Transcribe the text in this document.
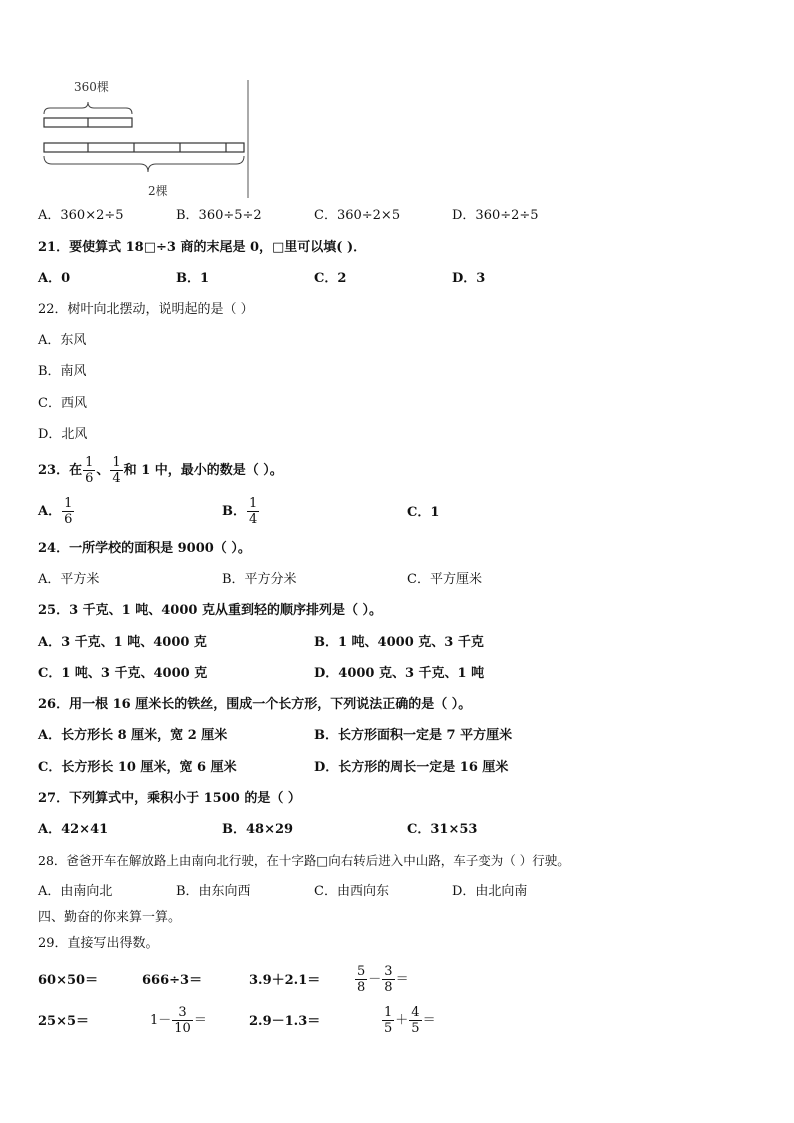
360棵
2棵
A．360×2÷5	B．360÷5÷2	C．360÷2×5	D．360÷2÷5
21．要使算式 18□÷3 商的末尾是 0，□里可以填( )．
A．0	B．1	C．2	D．3
22．树叶向北摆动，说明起的是（ ）
A．东风
B．南风
C．西风
D．北风
23．在 $\frac{1}{6}$ 、 $\frac{1}{4}$ 和 1 中，最小的数是（ ）。
A． $\frac{1}{6}$	B． $\frac{1}{4}$	C．1
24．一所学校的面积是 9000（ ）。
A．平方米	B．平方分米	C．平方厘米
25．3 千克、1 吨、4000 克从重到轻的顺序排列是（ ）。
A．3 千克、1 吨、4000 克	B．1 吨、4000 克、3 千克
C．1 吨、3 千克、4000 克	D．4000 克、3 千克、1 吨
26．用一根 16 厘米长的铁丝，围成一个长方形，下列说法正确的是（ ）。
A．长方形长 8 厘米，宽 2 厘米	B．长方形面积一定是 7 平方厘米
C．长方形长 10 厘米，宽 6 厘米	D．长方形的周长一定是 16 厘米
27．下列算式中，乘积小于 1500 的是（ ）
A．42×41	B．48×29	C．31×53
28．爸爸开车在解放路上由南向北行驶，在十字路□向右转后进入中山路，车子变为（ ）行驶。
A．由南向北	B．由东向西	C．由西向东	D．由北向南
四、勤奋的你来算一算。
29．直接写出得数。
60×50＝	666÷3＝	3.9＋2.1＝	$\frac{5}{8} - \frac{3}{8}$ ＝
25×5＝	$1- \frac{3}{10}$ ＝	2.9－1.3＝	$\frac{1}{5} + \frac{4}{5}$ ＝
